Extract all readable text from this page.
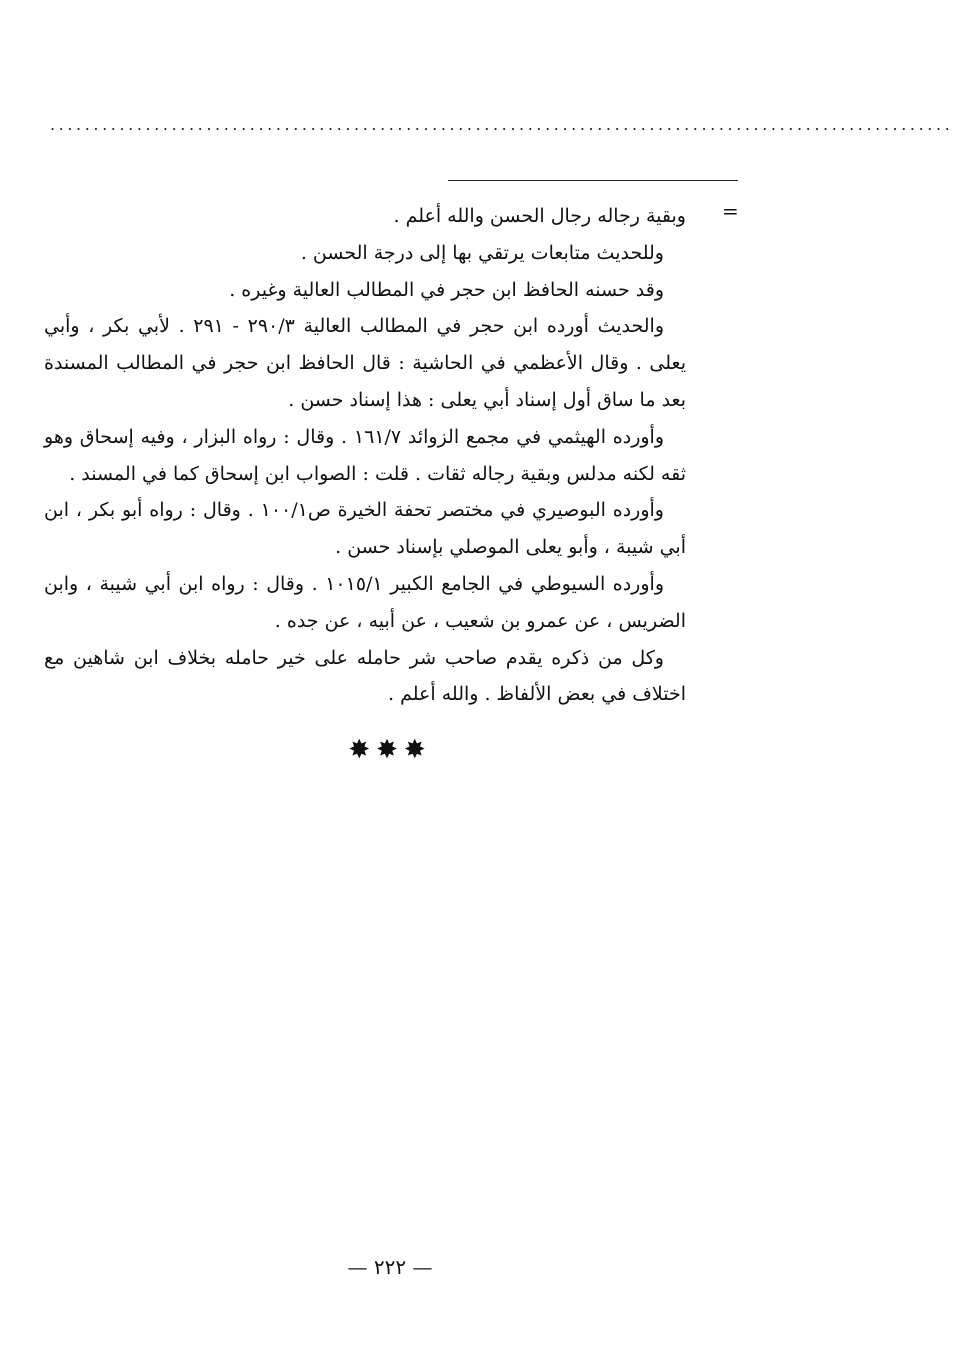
........................................................................................................
=

وبقية رجاله رجال الحسن والله أعلم .

وللحديث متابعات يرتقي بها إلى درجة الحسن .

وقد حسنه الحافظ ابن حجر في المطالب العالية وغيره .

والحديث أورده ابن حجر في المطالب العالية ٢٩٠/٣ - ٢٩١ . لأبي بكر ، وأبي يعلى . وقال الأعظمي في الحاشية : قال الحافظ ابن حجر في المطالب المسندة بعد ما ساق أول إسناد أبي يعلى : هذا إسناد حسن .

وأورده الهيثمي في مجمع الزوائد ١٦١/٧ . وقال : رواه البزار ، وفيه إسحاق وهو ثقه لكنه مدلس وبقية رجاله ثقات . قلت : الصواب ابن إسحاق كما في المسند .

وأورده البوصيري في مختصر تحفة الخيرة ص١٠٠/١ . وقال : رواه أبو بكر ، ابن أبي شيبة ، وأبو يعلى الموصلي بإسناد حسن .

وأورده السيوطي في الجامع الكبير ١٠١٥/١ . وقال : رواه ابن أبي شيبة ، وابن الضريس ، عن عمرو بن شعيب ، عن أبيه ، عن جده .

وكل من ذكره يقدم صاحب شر حامله على خير حامله بخلاف ابن شاهين مع اختلاف في بعض الألفاظ . والله أعلم .

✸✸✸
— ٢٢٢ —
